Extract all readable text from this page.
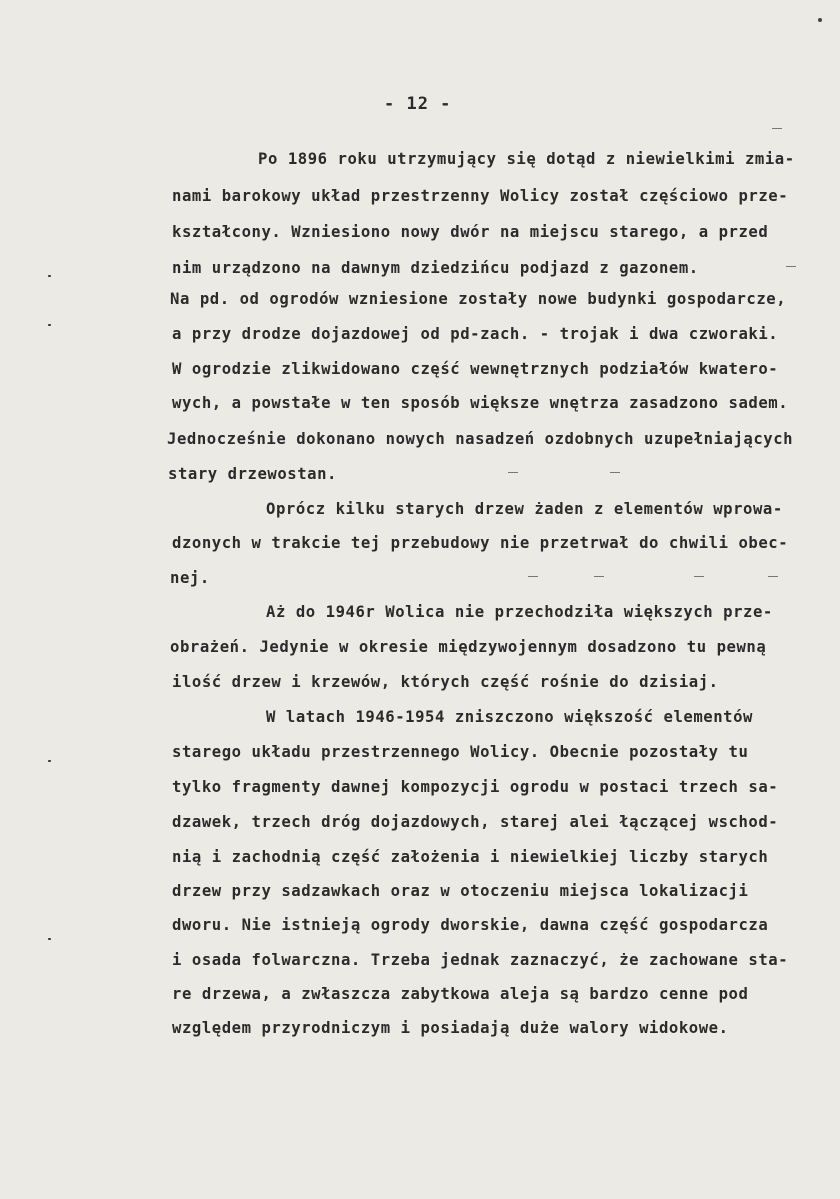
- 12 -
Po 1896 roku utrzymujący się dotąd z niewielkimi zmia-
nami barokowy układ przestrzenny Wolicy został częściowo prze-
kształcony. Wzniesiono nowy dwór na miejscu starego, a przed
nim urządzono na dawnym dziedzińcu podjazd z gazonem.
Na pd. od ogrodów wzniesione zostały nowe budynki gospodarcze,
a przy drodze dojazdowej od pd-zach. - trojak i dwa czworaki.
W ogrodzie zlikwidowano część wewnętrznych podziałów kwatero-
wych, a powstałe w ten sposób większe wnętrza zasadzono sadem.
Jednocześnie dokonano nowych nasadzeń ozdobnych uzupełniających
stary drzewostan.
Oprócz kilku starych drzew żaden z elementów wprowa-
dzonych w trakcie tej przebudowy nie przetrwał do chwili obec-
nej.
Aż do 1946r Wolica nie przechodziła większych prze-
obrażeń. Jedynie w okresie międzywojennym dosadzono tu pewną
ilość drzew i krzewów, których część rośnie do dzisiaj.
W latach 1946-1954 zniszczono większość elementów
starego układu przestrzennego Wolicy. Obecnie pozostały tu
tylko fragmenty dawnej kompozycji ogrodu w postaci trzech sa-
dzawek, trzech dróg dojazdowych, starej alei łączącej wschod-
nią i zachodnią część założenia i niewielkiej liczby starych
drzew przy sadzawkach oraz w otoczeniu miejsca lokalizacji
dworu. Nie istnieją ogrody dworskie, dawna część gospodarcza
i osada folwarczna. Trzeba jednak zaznaczyć, że zachowane sta-
re drzewa, a zwłaszcza zabytkowa aleja są bardzo cenne pod
względem przyrodniczym i posiadają duże walory widokowe.
